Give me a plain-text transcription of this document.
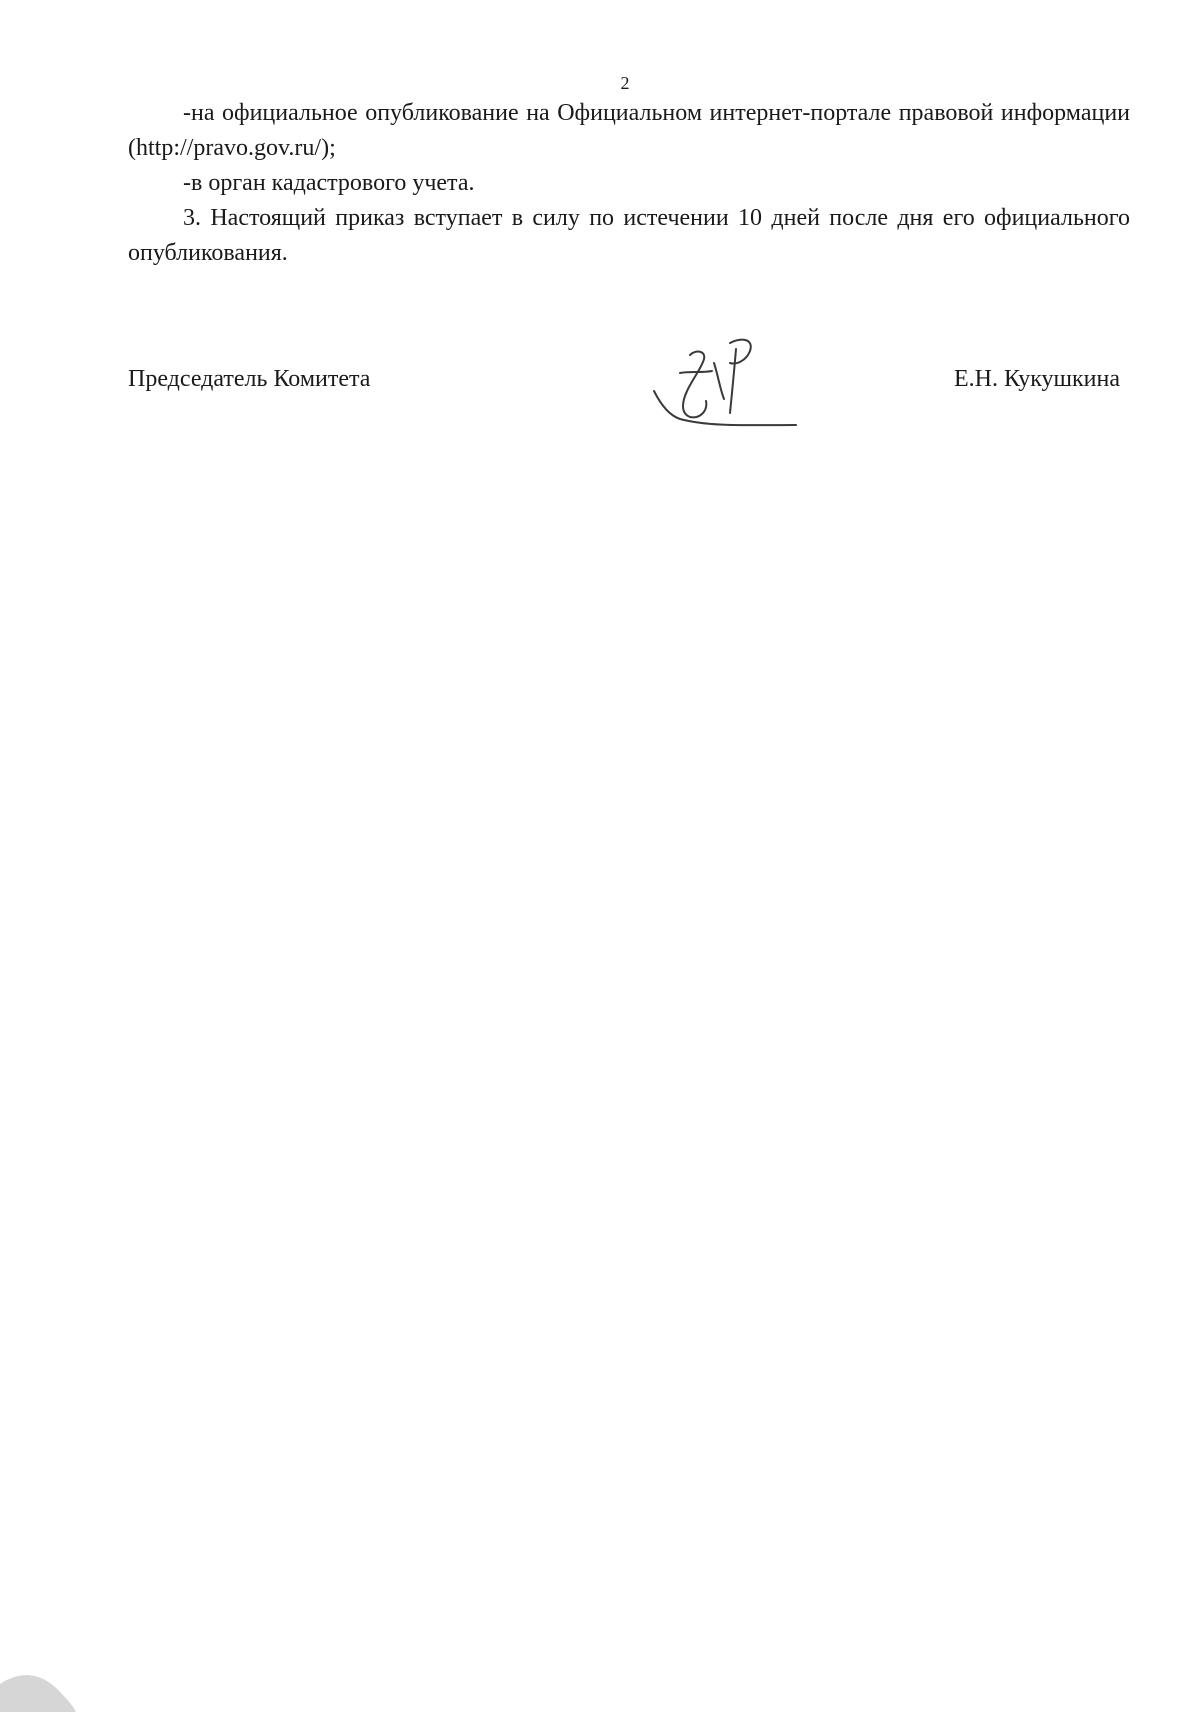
2

-на официальное опубликование на Официальном интернет-портале правовой информации (http://pravo.gov.ru/);

-в орган кадастрового учета.

3. Настоящий приказ вступает в силу по истечении 10 дней после дня его официального опубликования.

Председатель Комитета	Е.Н. Кукушкина
